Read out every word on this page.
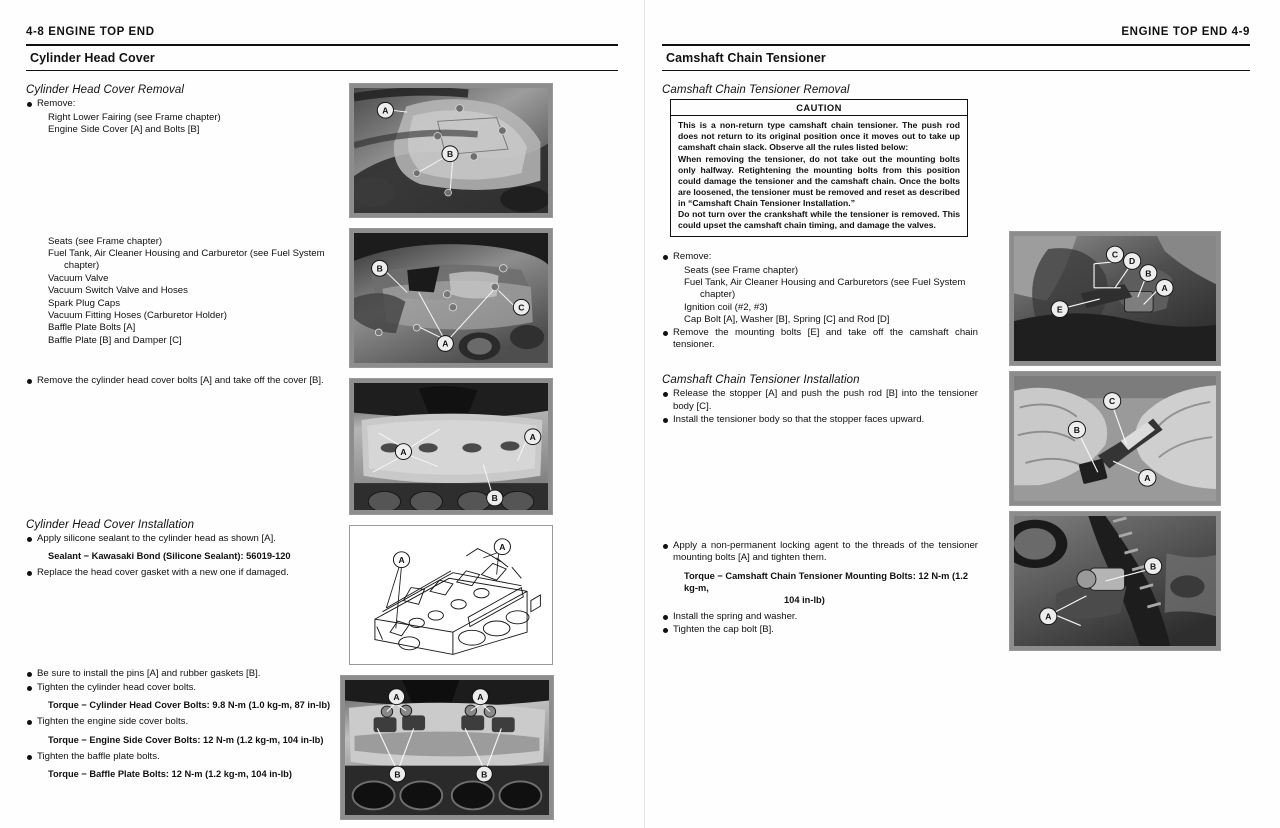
4-8 ENGINE TOP END
Cylinder Head Cover
Cylinder Head Cover Removal
Remove:
Right Lower Fairing (see Frame chapter)
Engine Side Cover [A] and Bolts [B]
Seats (see Frame chapter)
Fuel Tank, Air Cleaner Housing and Carburetor (see Fuel System
chapter)
Vacuum Valve
Vacuum Switch Valve and Hoses
Spark Plug Caps
Vacuum Fitting Hoses (Carburetor Holder)
Baffle Plate Bolts [A]
Baffle Plate [B] and Damper [C]
Remove the cylinder head cover bolts [A] and take off the cover [B].
Cylinder Head Cover Installation
Apply silicone sealant to the cylinder head as shown [A].
Sealant − Kawasaki Bond (Silicone Sealant): 56019-120
Replace the head cover gasket with a new one if damaged.
Be sure to install the pins [A] and rubber gaskets [B].
Tighten the cylinder head cover bolts.
Torque − Cylinder Head Cover Bolts: 9.8 N-m (1.0 kg-m, 87 in-lb)
Tighten the engine side cover bolts.
Torque − Engine Side Cover Bolts: 12 N-m (1.2 kg-m, 104 in-lb)
Tighten the baffle plate bolts.
Torque − Baffle Plate Bolts: 12 N-m (1.2 kg-m, 104 in-lb)
A
B
B
A
C
A
A
B
A
A
A	A
B	B
ENGINE TOP END 4-9
Camshaft Chain Tensioner
Camshaft Chain Tensioner Removal
CAUTION

This is a non-return type camshaft chain tensioner. The push rod does not return to its original position once it moves out to take up camshaft chain slack. Observe all the rules listed below:

When removing the tensioner, do not take out the mounting bolts only halfway. Retightening the mounting bolts from this position could damage the tensioner and the camshaft chain. Once the bolts are loosened, the tensioner must be removed and reset as described in “Camshaft Chain Tensioner Installation.”

Do not turn over the crankshaft while the tensioner is removed. This could upset the camshaft chain timing, and damage the valves.

Remove:
Seats (see Frame chapter)
Fuel Tank, Air Cleaner Housing and Carburetors (see Fuel System
chapter)
Ignition coil (#2, #3)
Cap Bolt [A], Washer [B], Spring [C] and Rod [D]
Remove the mounting bolts [E] and take off the camshaft chain tensioner.
Camshaft Chain Tensioner Installation
Release the stopper [A] and push the push rod [B] into the tensioner body [C].
Install the tensioner body so that the stopper faces upward.
Apply a non-permanent locking agent to the threads of the tensioner mounting bolts [A] and tighten them.
Torque − Camshaft Chain Tensioner Mounting Bolts: 12 N-m (1.2 kg-m,
104 in-lb)
Install the spring and washer.
Tighten the cap bolt [B].
C
D
B
A
E
C
B
A
B
A
